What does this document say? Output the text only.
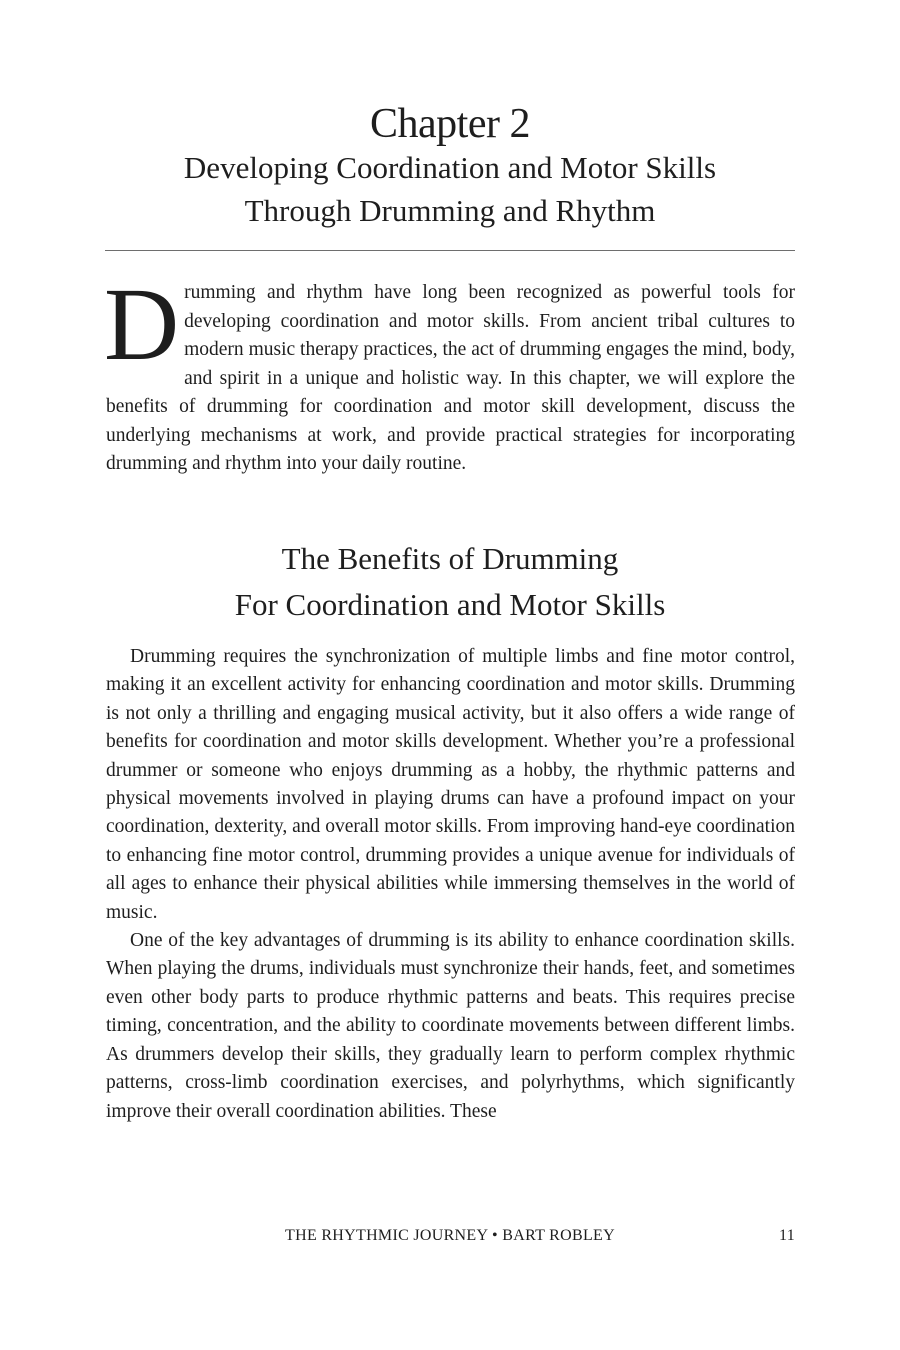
Chapter 2
Developing Coordination and Motor Skills
Through Drumming and Rhythm

Drumming and rhythm have long been recognized as powerful tools for developing coordination and motor skills. From ancient tribal cultures to modern music therapy practices, the act of drumming engages the mind, body, and spirit in a unique and holistic way. In this chapter, we will explore the benefits of drumming for coordination and motor skill development, discuss the underlying mechanisms at work, and provide practical strategies for incorporating drumming and rhythm into your daily routine.

The Benefits of Drumming
For Coordination and Motor Skills

Drumming requires the synchronization of multiple limbs and fine motor control, making it an excellent activity for enhancing coordination and motor skills. Drumming is not only a thrilling and engaging musical activity, but it also offers a wide range of benefits for coordination and motor skills development. Whether you’re a professional drummer or someone who enjoys drumming as a hobby, the rhythmic patterns and physical movements involved in playing drums can have a profound impact on your coordination, dexterity, and overall motor skills. From improving hand-eye coordination to enhancing fine motor control, drumming provides a unique avenue for individuals of all ages to enhance their physical abilities while immersing themselves in the world of music.

One of the key advantages of drumming is its ability to enhance coordination skills. When playing the drums, individuals must synchronize their hands, feet, and sometimes even other body parts to produce rhythmic patterns and beats. This requires precise timing, concentration, and the ability to coordinate movements between different limbs. As drummers develop their skills, they gradually learn to perform complex rhythmic patterns, cross-limb coordination exercises, and polyrhythms, which significantly improve their overall coordination abilities. These

THE RHYTHMIC JOURNEY • BART ROBLEY	11
